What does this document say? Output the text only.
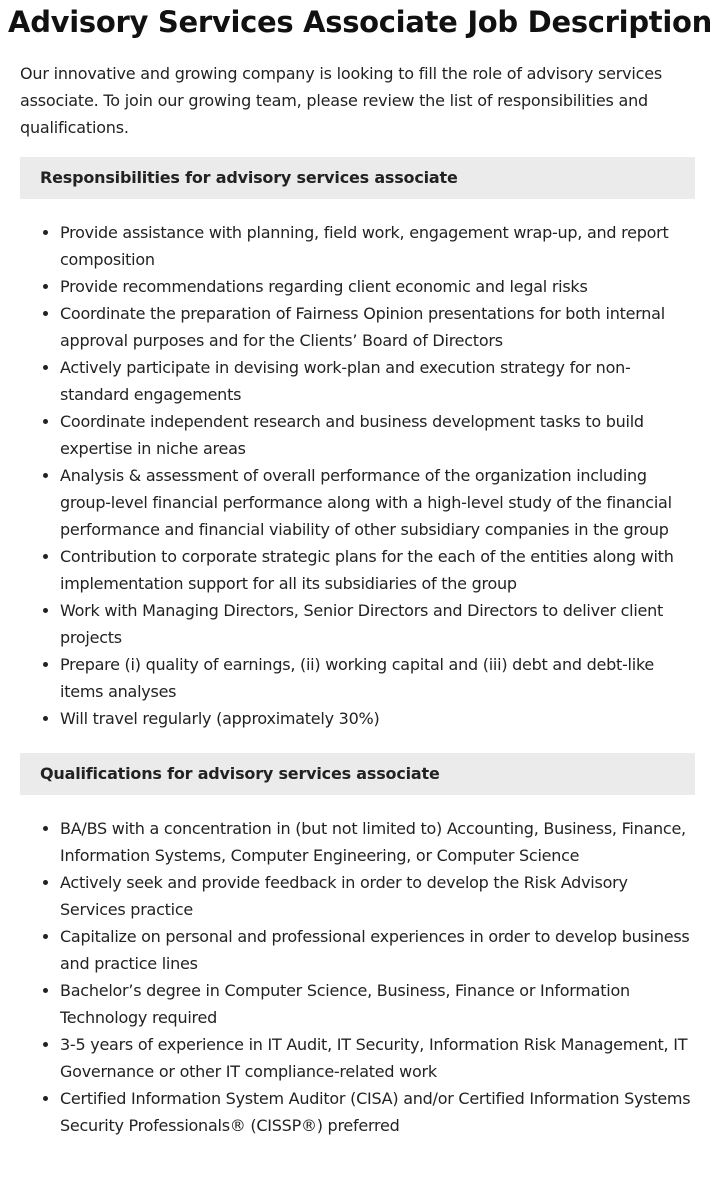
Advisory Services Associate Job Description

Our innovative and growing company is looking to fill the role of advisory services associate. To join our growing team, please review the list of responsibilities and qualifications.

Responsibilities for advisory services associate
Provide assistance with planning, field work, engagement wrap-up, and report composition
Provide recommendations regarding client economic and legal risks
Coordinate the preparation of Fairness Opinion presentations for both internal approval purposes and for the Clients’ Board of Directors
Actively participate in devising work-plan and execution strategy for non-standard engagements
Coordinate independent research and business development tasks to build expertise in niche areas
Analysis & assessment of overall performance of the organization including group-level financial performance along with a high-level study of the financial performance and financial viability of other subsidiary companies in the group
Contribution to corporate strategic plans for the each of the entities along with implementation support for all its subsidiaries of the group
Work with Managing Directors, Senior Directors and Directors to deliver client projects
Prepare (i) quality of earnings, (ii) working capital and (iii) debt and debt-like items analyses
Will travel regularly (approximately 30%)
Qualifications for advisory services associate
BA/BS with a concentration in (but not limited to) Accounting, Business, Finance, Information Systems, Computer Engineering, or Computer Science
Actively seek and provide feedback in order to develop the Risk Advisory Services practice
Capitalize on personal and professional experiences in order to develop business and practice lines
Bachelor’s degree in Computer Science, Business, Finance or Information Technology required
3-5 years of experience in IT Audit, IT Security, Information Risk Management, IT Governance or other IT compliance-related work
Certified Information System Auditor (CISA) and/or Certified Information Systems Security Professionals® (CISSP®) preferred
